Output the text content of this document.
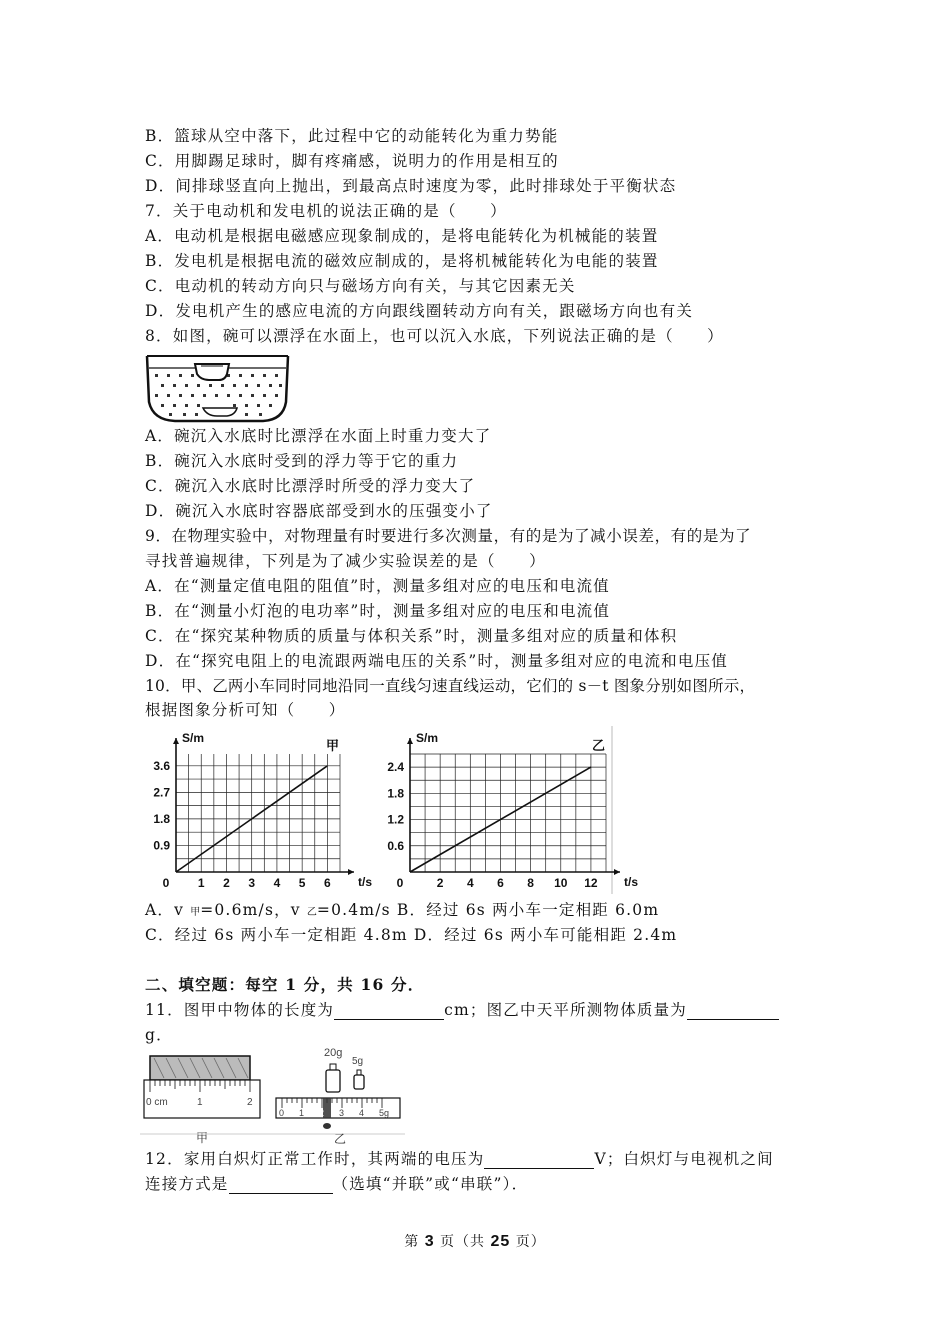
B．篮球从空中落下，此过程中它的动能转化为重力势能
C．用脚踢足球时，脚有疼痛感，说明力的作用是相互的
D．间排球竖直向上抛出，到最高点时速度为零，此时排球处于平衡状态
7．关于电动机和发电机的说法正确的是（　　）
A．电动机是根据电磁感应现象制成的，是将电能转化为机械能的装置
B．发电机是根据电流的磁效应制成的，是将机械能转化为电能的装置
C．电动机的转动方向只与磁场方向有关，与其它因素无关
D．发电机产生的感应电流的方向跟线圈转动方向有关，跟磁场方向也有关
8．如图，碗可以漂浮在水面上，也可以沉入水底，下列说法正确的是（　　）
A．碗沉入水底时比漂浮在水面上时重力变大了
B．碗沉入水底时受到的浮力等于它的重力
C．碗沉入水底时比漂浮时所受的浮力变大了
D．碗沉入水底时容器底部受到水的压强变小了
9．在物理实验中，对物理量有时要进行多次测量，有的是为了减小误差，有的是为了
寻找普遍规律，下列是为了减少实验误差的是（　　）
A．在“测量定值电阻的阻值”时，测量多组对应的电压和电流值
B．在“测量小灯泡的电功率”时，测量多组对应的电压和电流值
C．在“探究某种物质的质量与体积关系”时，测量多组对应的质量和体积
D．在“探究电阻上的电流跟两端电压的关系”时，测量多组对应的电流和电压值
10．甲、乙两小车同时同地沿同一直线匀速直线运动，它们的 s－t 图象分别如图所示，
根据图象分析可知（　　）
0 1 2 3 4 5 6
0.9
1.8
2.7
3.6
S/m
t/s
甲
0	2 4 6 8 10 12
0.6
1.2
1.8
2.4
S/m
t/s
乙
A．v 甲=0.6m/s，v 乙=0.4m/s B．经过 6s 两小车一定相距 6.0m
C．经过 6s 两小车一定相距 4.8m D．经过 6s 两小车可能相距 2.4m
二、填空题：每空 1 分，共 16 分．
11．图甲中物体的长度为	cm；图乙中天平所测物体质量为
g．
0 cm	1	2
甲
20g
5g
0 1 2 3 4 5g
乙
12．家用白炽灯正常工作时，其两端的电压为	V；白炽灯与电视机之间
连接方式是	（选填“并联”或“串联”）．
第 3 页（共 25 页）
